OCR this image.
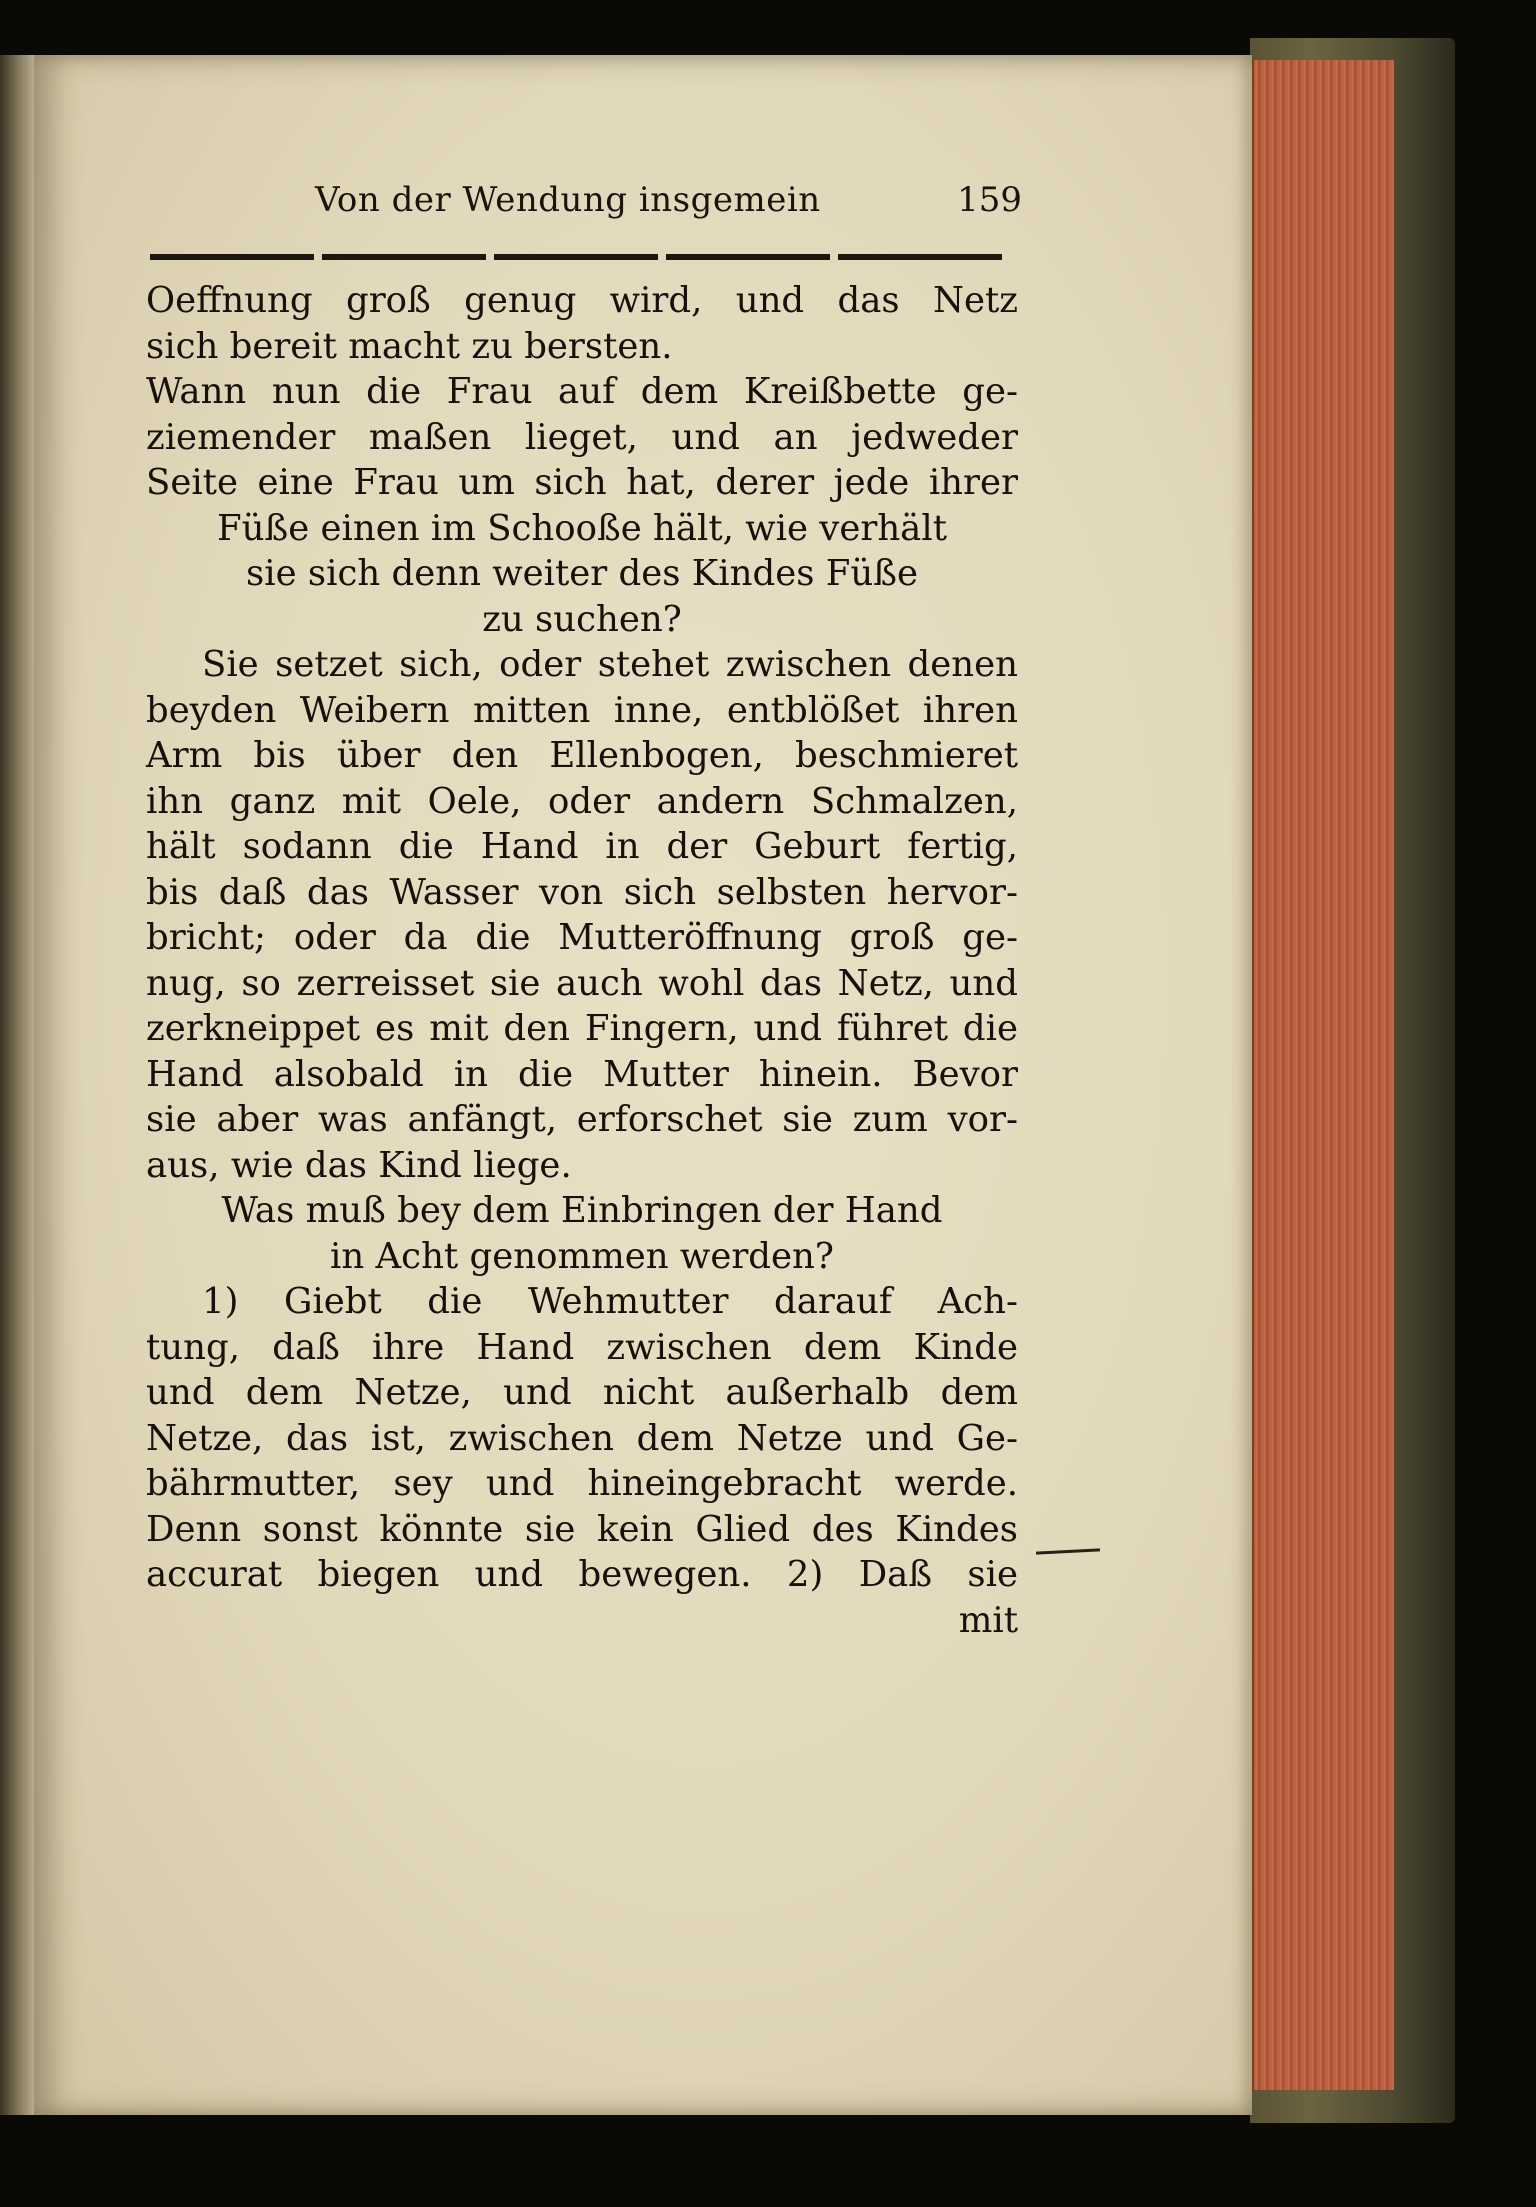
Von der Wendung insgemein	159
Oeffnung groß genug wird, und das Netz
sich bereit macht zu bersten.
Wann nun die Frau auf dem Kreißbette ge-
ziemender maßen lieget, und an jedweder
Seite eine Frau um sich hat, derer jede ihrer
Füße einen im Schooße hält, wie verhält
sie sich denn weiter des Kindes Füße
zu suchen?
Sie setzet sich, oder stehet zwischen denen
beyden Weibern mitten inne, entblößet ihren
Arm bis über den Ellenbogen, beschmieret
ihn ganz mit Oele, oder andern Schmalzen,
hält sodann die Hand in der Geburt fertig,
bis daß das Wasser von sich selbsten hervor-
bricht; oder da die Mutteröffnung groß ge-
nug, so zerreisset sie auch wohl das Netz, und
zerkneippet es mit den Fingern, und führet die
Hand alsobald in die Mutter hinein. Bevor
sie aber was anfängt, erforschet sie zum vor-
aus, wie das Kind liege.
Was muß bey dem Einbringen der Hand
in Acht genommen werden?
1) Giebt die Wehmutter darauf Ach-
tung, daß ihre Hand zwischen dem Kinde
und dem Netze, und nicht außerhalb dem
Netze, das ist, zwischen dem Netze und Ge-
bährmutter, sey und hineingebracht werde.
Denn sonst könnte sie kein Glied des Kindes
accurat biegen und bewegen. 2) Daß sie
mit
